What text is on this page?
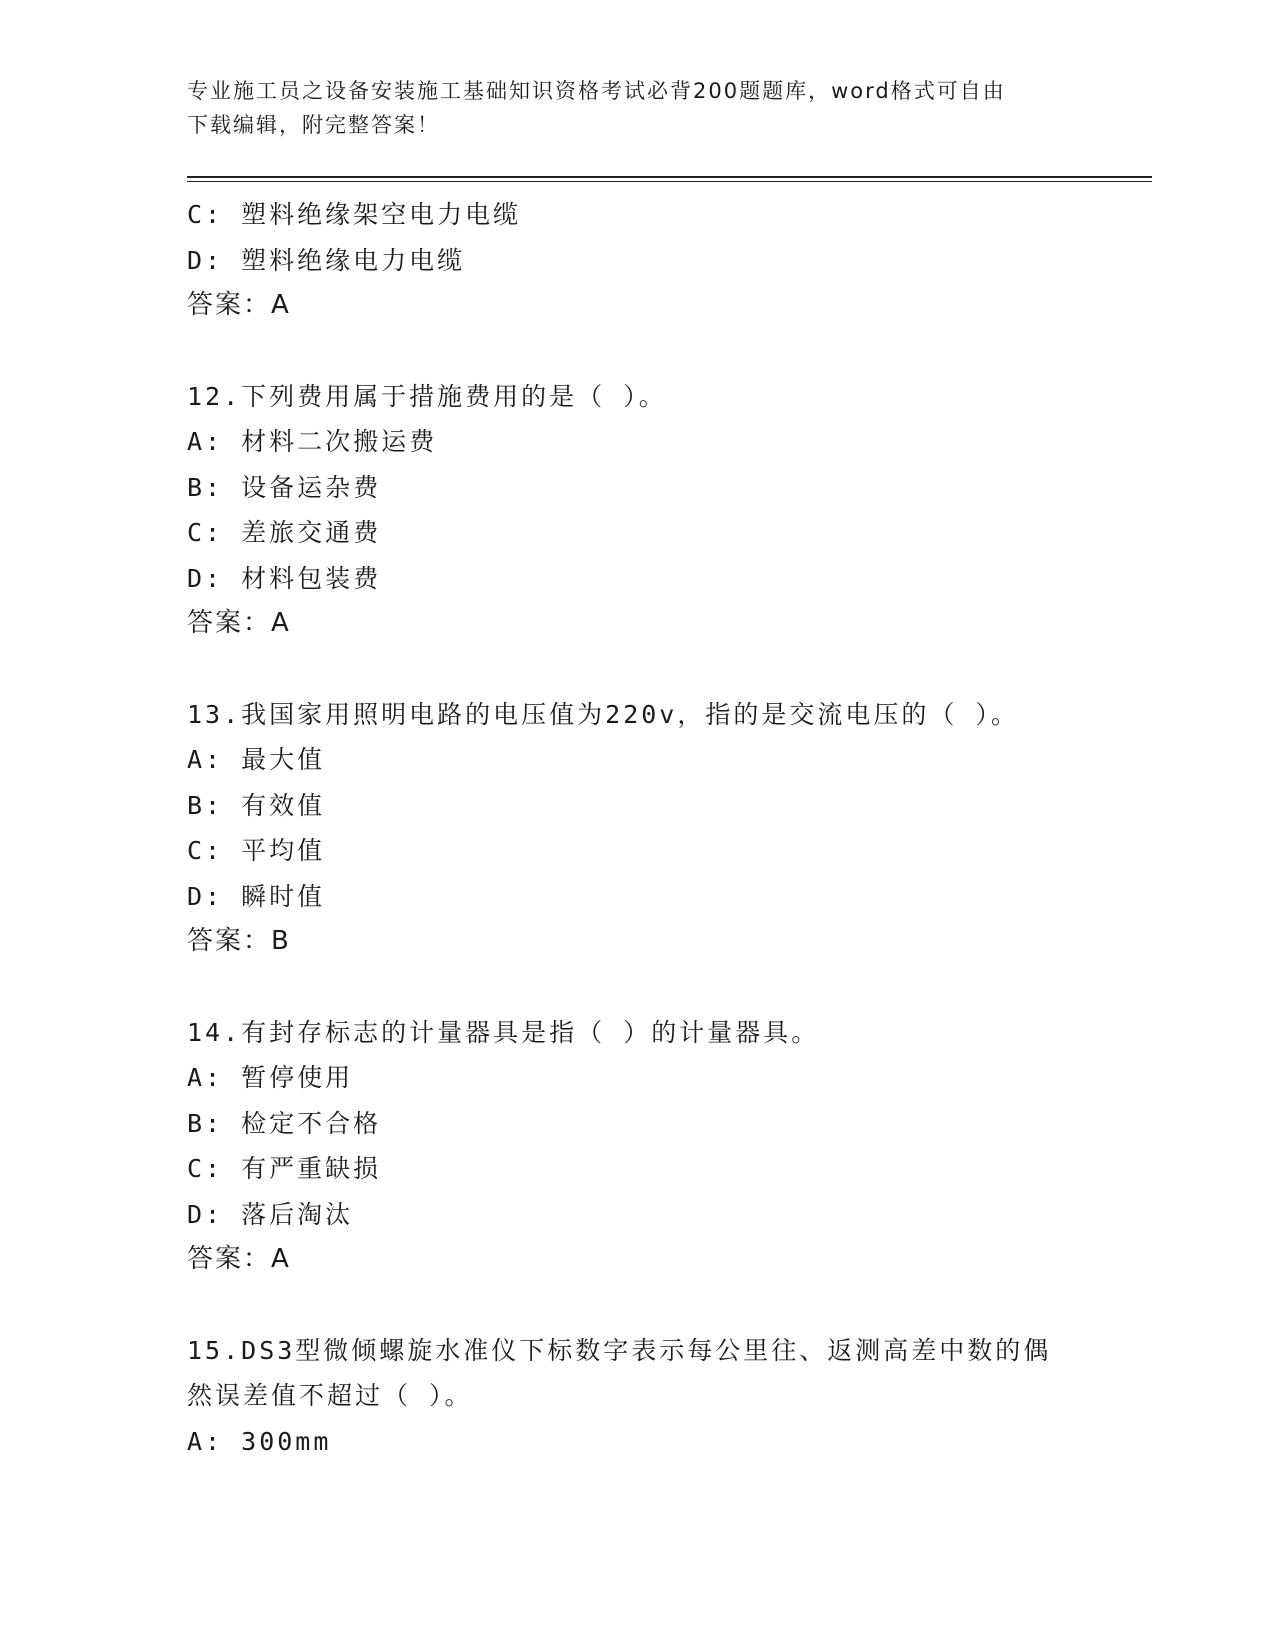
专业施工员之设备安装施工基础知识资格考试必背200题题库，word格式可自由
下载编辑，附完整答案！
C: 塑料绝缘架空电力电缆
D: 塑料绝缘电力电缆
答案：A
12.下列费用属于措施费用的是（ ）。
A: 材料二次搬运费
B: 设备运杂费
C: 差旅交通费
D: 材料包装费
答案：A
13.我国家用照明电路的电压值为220v，指的是交流电压的（ ）。
A: 最大值
B: 有效值
C: 平均值
D: 瞬时值
答案：B
14.有封存标志的计量器具是指（ ）的计量器具。
A: 暂停使用
B: 检定不合格
C: 有严重缺损
D: 落后淘汰
答案：A
15.DS3型微倾螺旋水准仪下标数字表示每公里往、返测高差中数的偶
然误差值不超过（ ）。
A: 300mm
